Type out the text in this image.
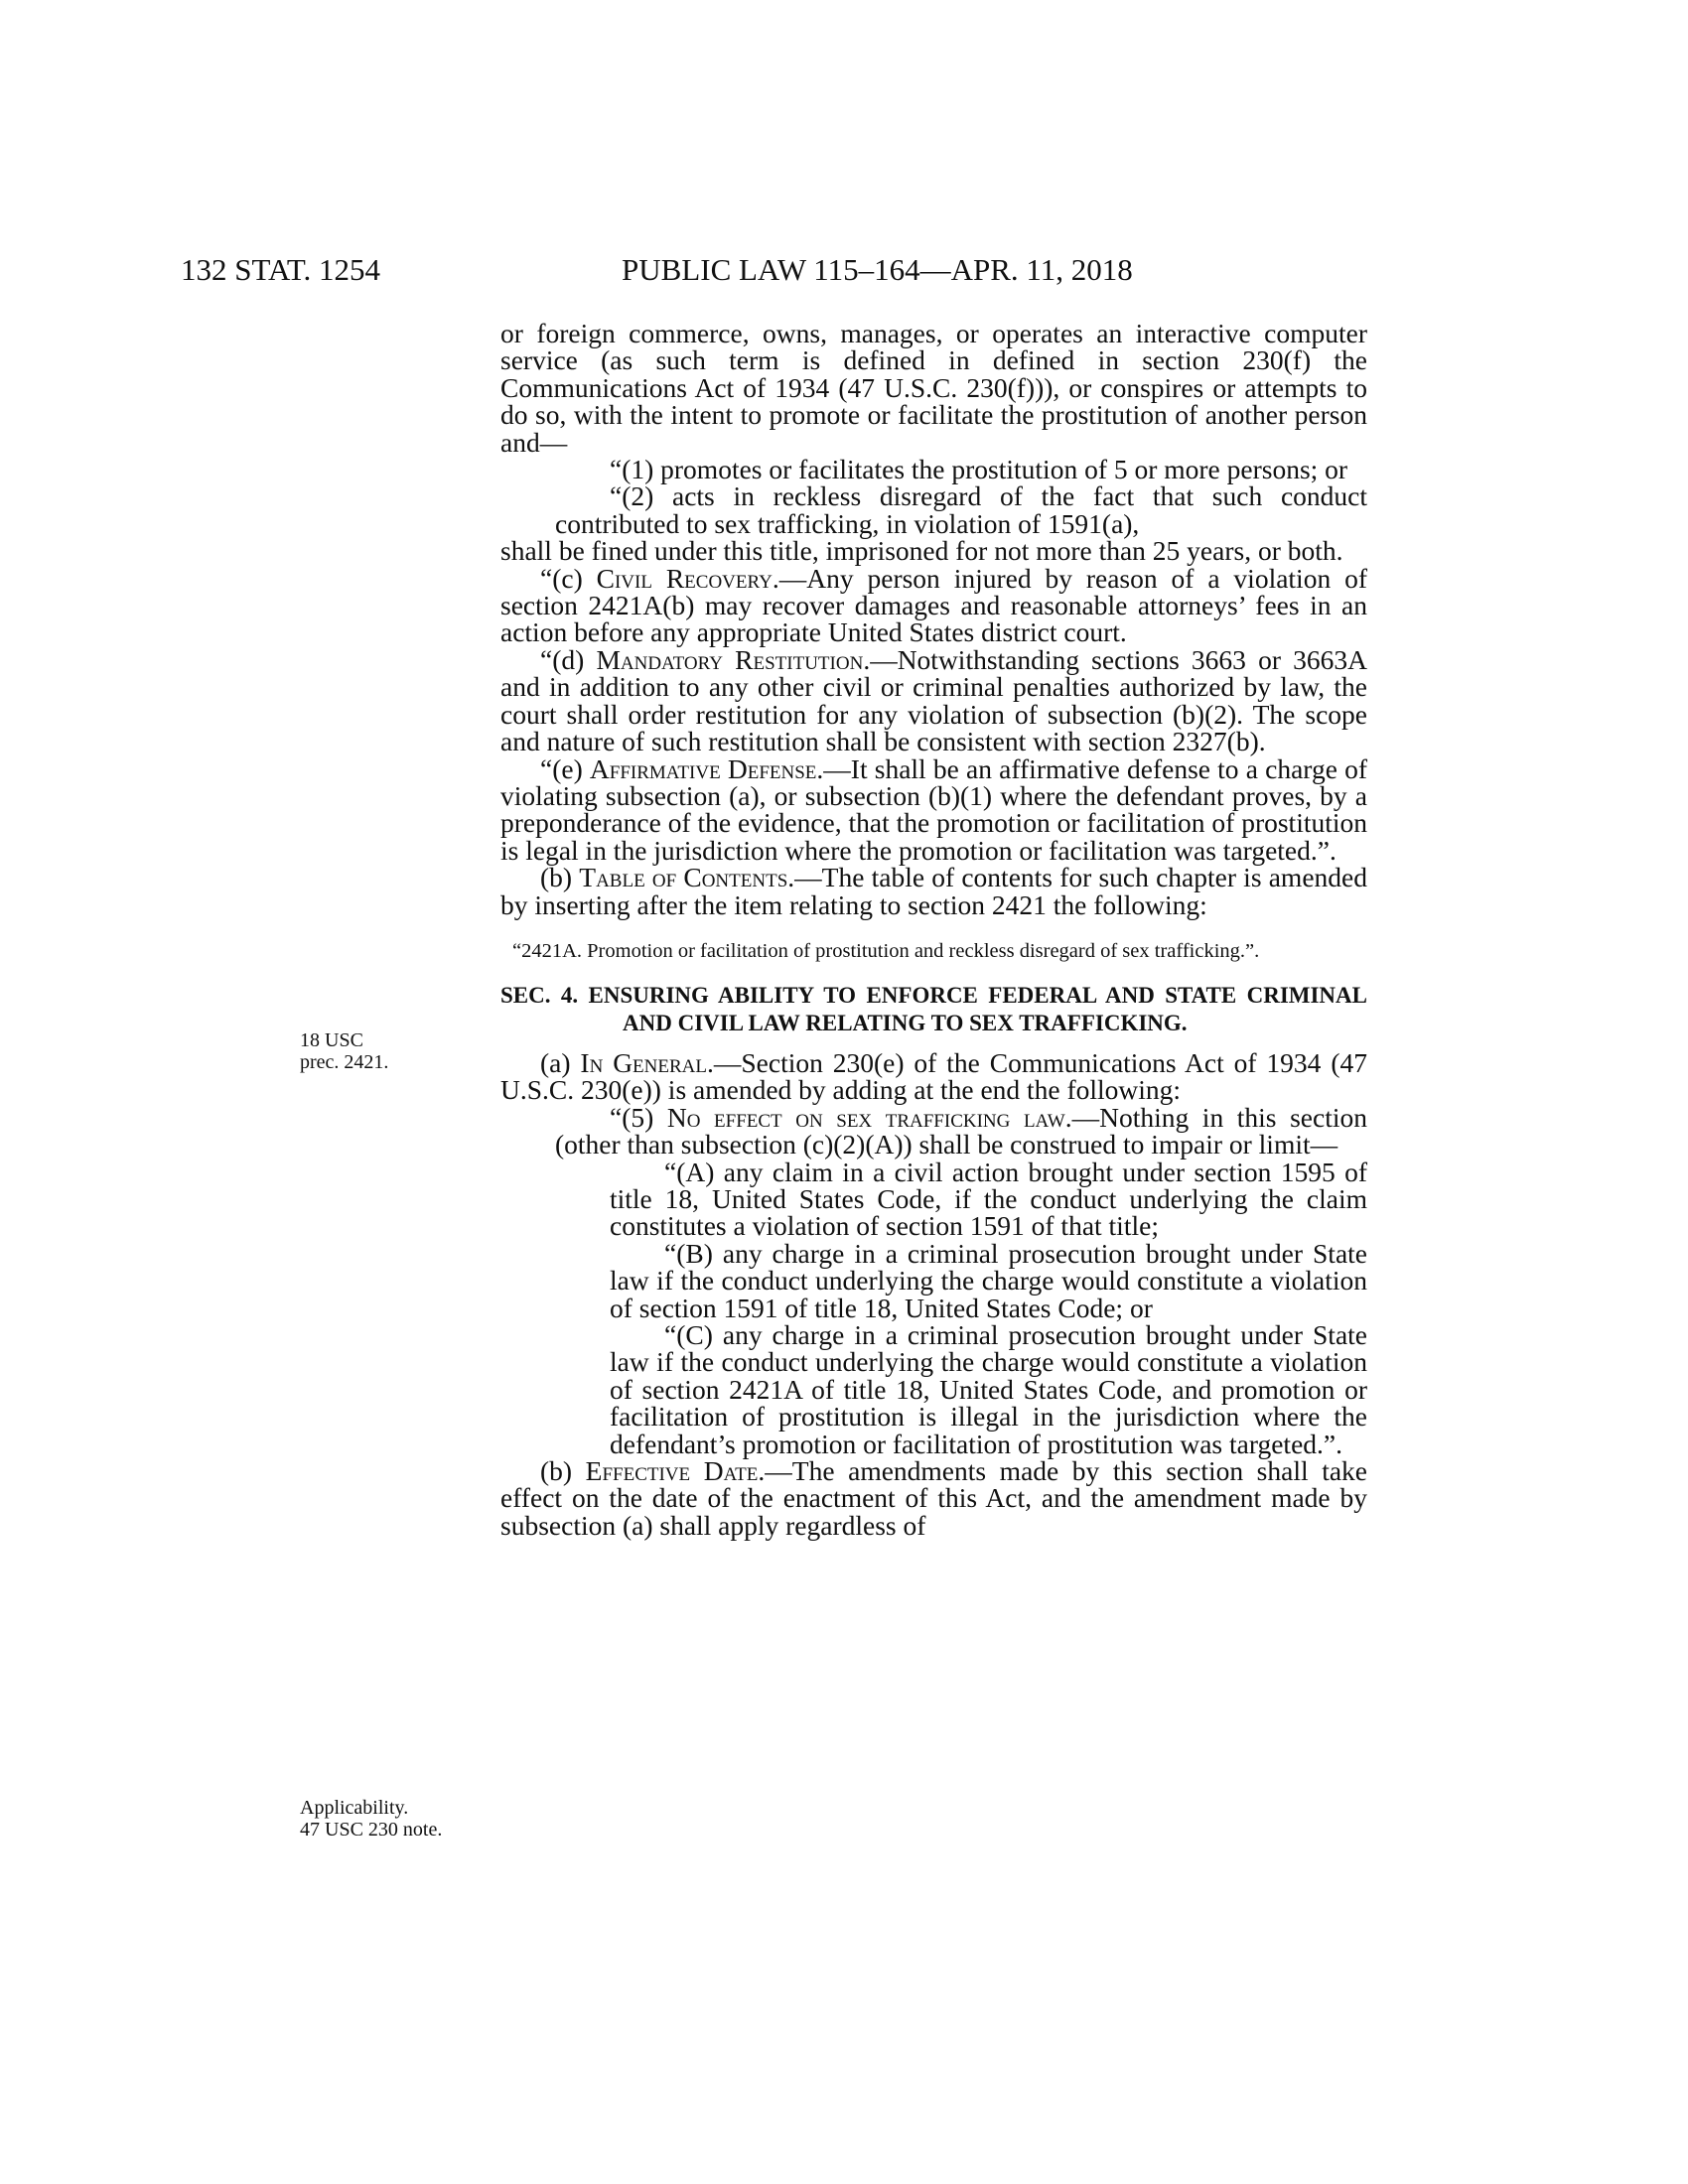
132 STAT. 1254	PUBLIC LAW 115–164—APR. 11, 2018
18 USC
prec. 2421.
Applicability.
47 USC 230 note.

or foreign commerce, owns, manages, or operates an interactive computer service (as such term is defined in defined in section 230(f) the Communications Act of 1934 (47 U.S.C. 230(f))), or conspires or attempts to do so, with the intent to promote or facilitate the prostitution of another person and—

“(1) promotes or facilitates the prostitution of 5 or more persons; or

“(2) acts in reckless disregard of the fact that such conduct contributed to sex trafficking, in violation of 1591(a),

shall be fined under this title, imprisoned for not more than 25 years, or both.

“(c) Civil Recovery.—Any person injured by reason of a violation of section 2421A(b) may recover damages and reasonable attorneys’ fees in an action before any appropriate United States district court.

“(d) Mandatory Restitution.—Notwithstanding sections 3663 or 3663A and in addition to any other civil or criminal penalties authorized by law, the court shall order restitution for any violation of subsection (b)(2). The scope and nature of such restitution shall be consistent with section 2327(b).

“(e) Affirmative Defense.—It shall be an affirmative defense to a charge of violating subsection (a), or subsection (b)(1) where the defendant proves, by a preponderance of the evidence, that the promotion or facilitation of prostitution is legal in the jurisdiction where the promotion or facilitation was targeted.”.

(b) Table of Contents.—The table of contents for such chapter is amended by inserting after the item relating to section 2421 the following:

“2421A. Promotion or facilitation of prostitution and reckless disregard of sex trafficking.”.

SEC. 4. ENSURING ABILITY TO ENFORCE FEDERAL AND STATE CRIMINAL AND CIVIL LAW RELATING TO SEX TRAFFICKING.

(a) In General.—Section 230(e) of the Communications Act of 1934 (47 U.S.C. 230(e)) is amended by adding at the end the following:

“(5) No effect on sex trafficking law.—Nothing in this section (other than subsection (c)(2)(A)) shall be construed to impair or limit—

“(A) any claim in a civil action brought under section 1595 of title 18, United States Code, if the conduct underlying the claim constitutes a violation of section 1591 of that title;

“(B) any charge in a criminal prosecution brought under State law if the conduct underlying the charge would constitute a violation of section 1591 of title 18, United States Code; or

“(C) any charge in a criminal prosecution brought under State law if the conduct underlying the charge would constitute a violation of section 2421A of title 18, United States Code, and promotion or facilitation of prostitution is illegal in the jurisdiction where the defendant’s promotion or facilitation of prostitution was targeted.”.

(b) Effective Date.—The amendments made by this section shall take effect on the date of the enactment of this Act, and the amendment made by subsection (a) shall apply regardless of
